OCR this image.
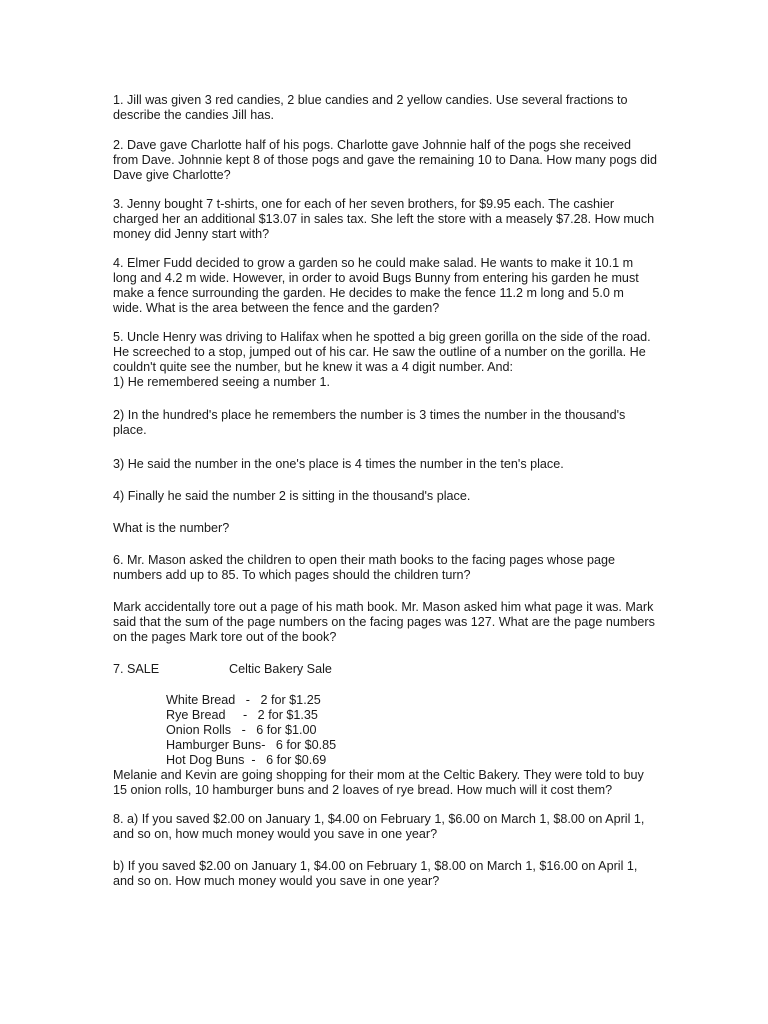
1. Jill was given 3 red candies, 2 blue candies and 2 yellow candies. Use several fractions to
describe the candies Jill has.

2. Dave gave Charlotte half of his pogs. Charlotte gave Johnnie half of the pogs she received
from Dave. Johnnie kept 8 of those pogs and gave the remaining 10 to Dana. How many pogs did
Dave give Charlotte?

3. Jenny bought 7 t-shirts, one for each of her seven brothers, for $9.95 each. The cashier
charged her an additional $13.07 in sales tax. She left the store with a measely $7.28. How much
money did Jenny start with?

4. Elmer Fudd decided to grow a garden so he could make salad. He wants to make it 10.1 m
long and 4.2 m wide. However, in order to avoid Bugs Bunny from entering his garden he must
make a fence surrounding the garden. He decides to make the fence 11.2 m long and 5.0 m
wide. What is the area between the fence and the garden?

5. Uncle Henry was driving to Halifax when he spotted a big green gorilla on the side of the road.
He screeched to a stop, jumped out of his car. He saw the outline of a number on the gorilla. He
couldn't quite see the number, but he knew it was a 4 digit number. And:
1) He remembered seeing a number 1.

2) In the hundred's place he remembers the number is 3 times the number in the thousand's
place.

3) He said the number in the one's place is 4 times the number in the ten's place.

4) Finally he said the number 2 is sitting in the thousand's place.

What is the number?

6. Mr. Mason asked the children to open their math books to the facing pages whose page
numbers add up to 85. To which pages should the children turn?

Mark accidentally tore out a page of his math book. Mr. Mason asked him what page it was. Mark
said that the sum of the page numbers on the facing pages was 127. What are the page numbers
on the pages Mark tore out of the book?

7. SALE	Celtic Bakery Sale

White Bread   -   2 for $1.25

Rye Bread     -   2 for $1.35

Onion Rolls   -   6 for $1.00

Hamburger Buns-   6 for $0.85

Hot Dog Buns  -   6 for $0.69

Melanie and Kevin are going shopping for their mom at the Celtic Bakery. They were told to buy
15 onion rolls, 10 hamburger buns and 2 loaves of rye bread. How much will it cost them?

8. a) If you saved $2.00 on January 1, $4.00 on February 1, $6.00 on March 1, $8.00 on April 1,
and so on, how much money would you save in one year?

b) If you saved $2.00 on January 1, $4.00 on February 1, $8.00 on March 1, $16.00 on April 1,
and so on. How much money would you save in one year?
